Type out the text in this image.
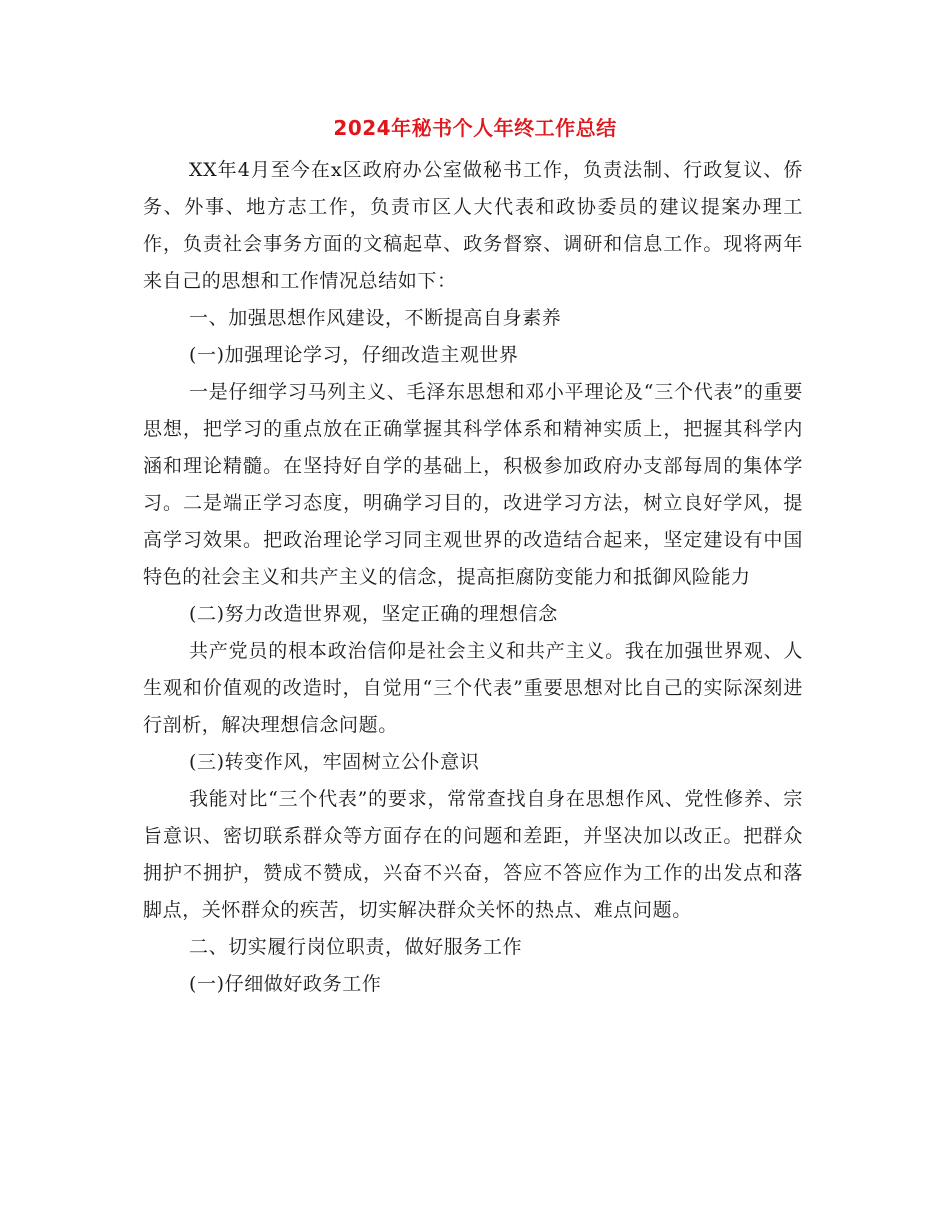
2024年秘书个人年终工作总结

XX年4月至今在x区政府办公室做秘书工作，负责法制、行政复议、侨务、外事、地方志工作，负责市区人大代表和政协委员的建议提案办理工作，负责社会事务方面的文稿起草、政务督察、调研和信息工作。现将两年来自己的思想和工作情况总结如下：

一、加强思想作风建设，不断提高自身素养

(一)加强理论学习，仔细改造主观世界

一是仔细学习马列主义、毛泽东思想和邓小平理论及“三个代表”的重要思想，把学习的重点放在正确掌握其科学体系和精神实质上，把握其科学内涵和理论精髓。在坚持好自学的基础上，积极参加政府办支部每周的集体学习。二是端正学习态度，明确学习目的，改进学习方法，树立良好学风，提高学习效果。把政治理论学习同主观世界的改造结合起来，坚定建设有中国特色的社会主义和共产主义的信念，提高拒腐防变能力和抵御风险能力

(二)努力改造世界观，坚定正确的理想信念

共产党员的根本政治信仰是社会主义和共产主义。我在加强世界观、人生观和价值观的改造时，自觉用“三个代表”重要思想对比自己的实际深刻进行剖析，解决理想信念问题。

(三)转变作风，牢固树立公仆意识

我能对比“三个代表”的要求，常常查找自身在思想作风、党性修养、宗旨意识、密切联系群众等方面存在的问题和差距，并坚决加以改正。把群众拥护不拥护，赞成不赞成，兴奋不兴奋，答应不答应作为工作的出发点和落脚点，关怀群众的疾苦，切实解决群众关怀的热点、难点问题。

二、切实履行岗位职责，做好服务工作

(一)仔细做好政务工作
